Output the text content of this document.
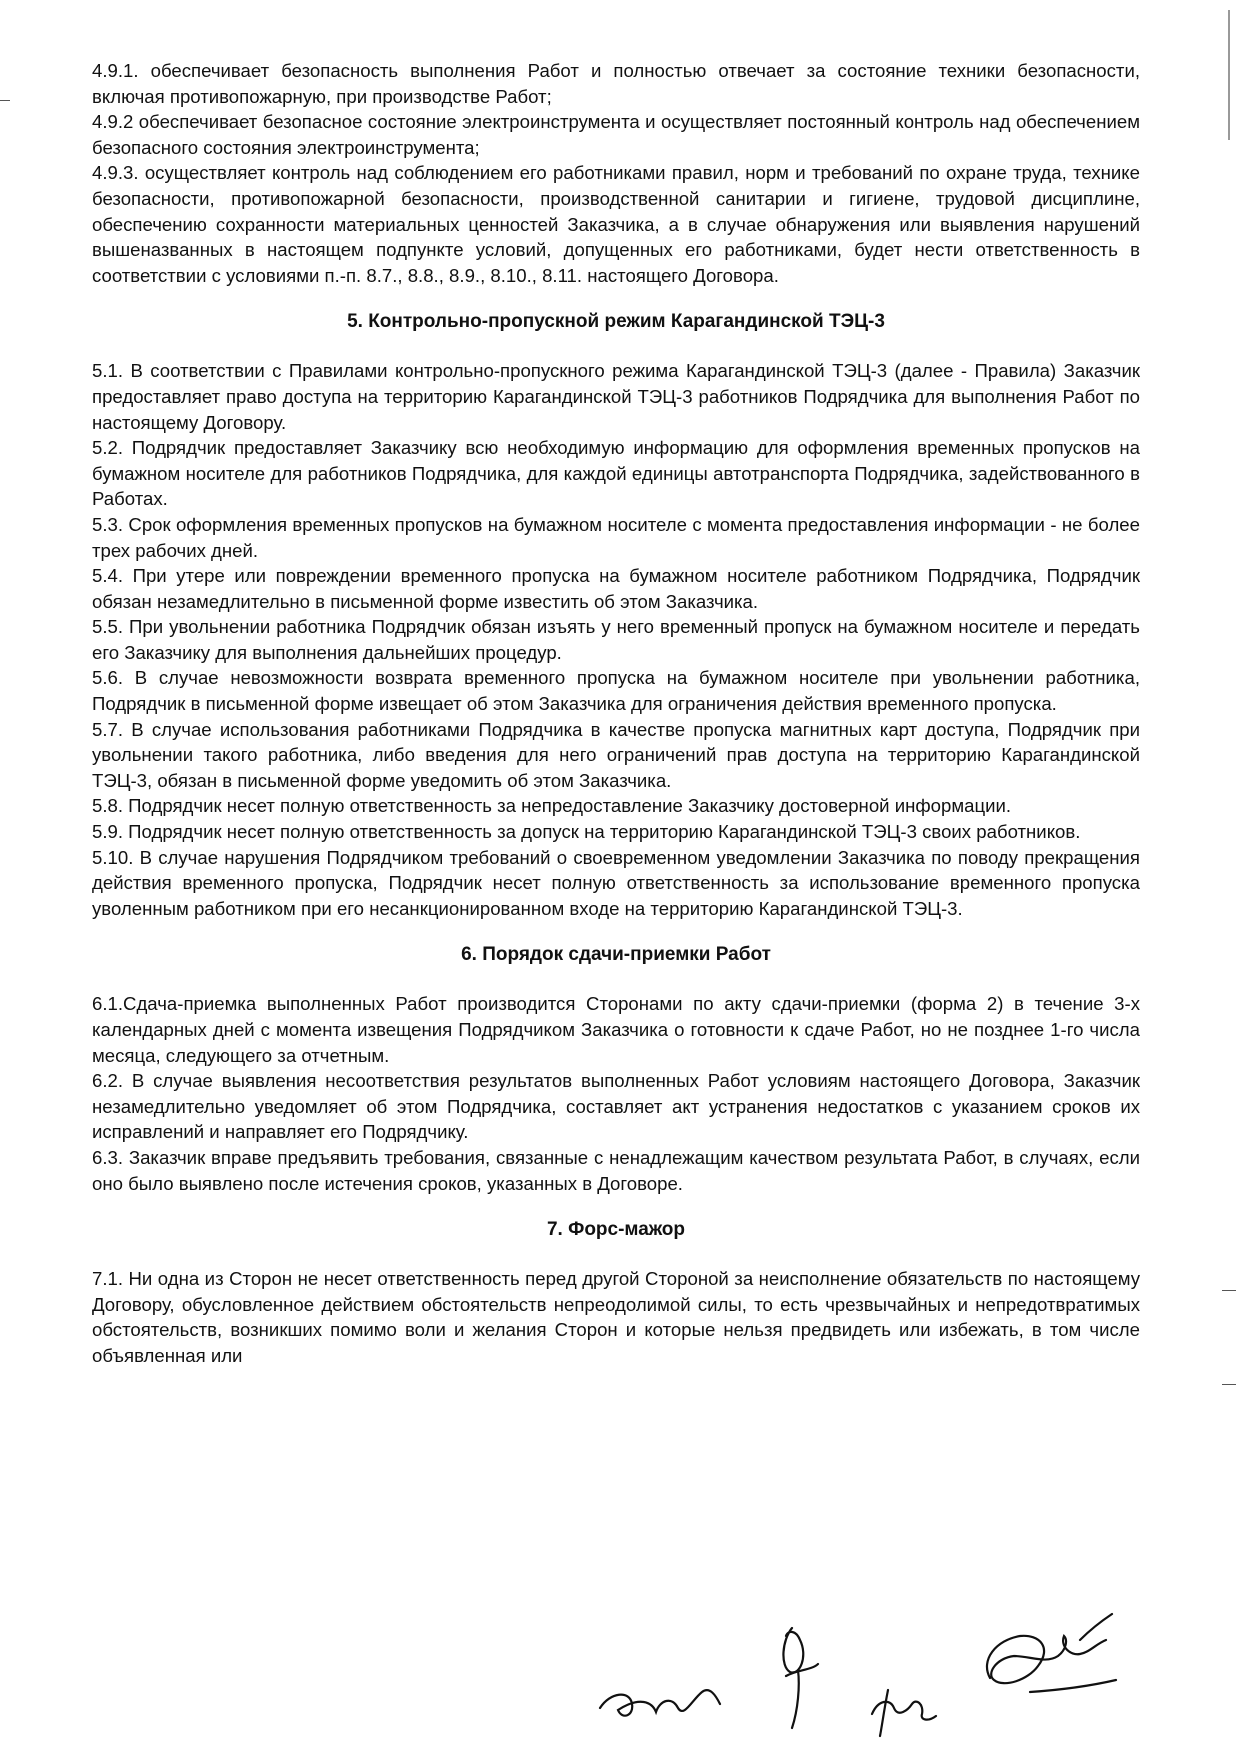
4.9.1. обеспечивает безопасность выполнения Работ и полностью отвечает за состояние техники безопасности, включая противопожарную, при производстве Работ;

4.9.2 обеспечивает безопасное состояние электроинструмента и осуществляет постоянный контроль над обеспечением безопасного состояния электроинструмента;

4.9.3. осуществляет контроль над соблюдением его работниками правил, норм и требований по охране труда, технике безопасности, противопожарной безопасности, производственной санитарии и гигиене, трудовой дисциплине, обеспечению сохранности материальных ценностей Заказчика, а в случае обнаружения или выявления нарушений вышеназванных в настоящем подпункте условий, допущенных его работниками, будет нести ответственность в соответствии с условиями п.-п. 8.7., 8.8., 8.9., 8.10., 8.11. настоящего Договора.

5. Контрольно-пропускной режим Карагандинской ТЭЦ-3

5.1. В соответствии с Правилами контрольно-пропускного режима Карагандинской ТЭЦ-3 (далее - Правила) Заказчик предоставляет право доступа на территорию Карагандинской ТЭЦ-3 работников Подрядчика для выполнения Работ по настоящему Договору.

5.2. Подрядчик предоставляет Заказчику всю необходимую информацию для оформления временных пропусков на бумажном носителе для работников Подрядчика, для каждой единицы автотранспорта Подрядчика, задействованного в Работах.

5.3. Срок оформления временных пропусков на бумажном носителе с момента предоставления информации - не более трех рабочих дней.

5.4. При утере или повреждении временного пропуска на бумажном носителе работником Подрядчика, Подрядчик обязан незамедлительно в письменной форме известить об этом Заказчика.

5.5. При увольнении работника Подрядчик обязан изъять у него временный пропуск на бумажном носителе и передать его Заказчику для выполнения дальнейших процедур.

5.6. В случае невозможности возврата временного пропуска на бумажном носителе при увольнении работника, Подрядчик в письменной форме извещает об этом Заказчика для ограничения действия временного пропуска.

5.7. В случае использования работниками Подрядчика в качестве пропуска магнитных карт доступа, Подрядчик при увольнении такого работника, либо введения для него ограничений прав доступа на территорию Карагандинской ТЭЦ-3, обязан в письменной форме уведомить об этом Заказчика.

5.8. Подрядчик несет полную ответственность за непредоставление Заказчику достоверной информации.

5.9. Подрядчик несет полную ответственность за допуск на территорию Карагандинской ТЭЦ-3 своих работников.

5.10. В случае нарушения Подрядчиком требований о своевременном уведомлении Заказчика по поводу прекращения действия временного пропуска, Подрядчик несет полную ответственность за использование временного пропуска уволенным работником при его несанкционированном входе на территорию Карагандинской ТЭЦ-3.

6. Порядок сдачи-приемки Работ

6.1.Сдача-приемка выполненных Работ производится Сторонами по акту сдачи-приемки (форма 2) в течение 3-х календарных дней с момента извещения Подрядчиком Заказчика о готовности к сдаче Работ, но не позднее 1-го числа месяца, следующего за отчетным.

6.2. В случае выявления несоответствия результатов выполненных Работ условиям настоящего Договора, Заказчик незамедлительно уведомляет об этом Подрядчика, составляет акт устранения недостатков с указанием сроков их исправлений и направляет его Подрядчику.

6.3. Заказчик вправе предъявить требования, связанные с ненадлежащим качеством результата Работ, в случаях, если оно было выявлено после истечения сроков, указанных в Договоре.

7. Форс-мажор

7.1. Ни одна из Сторон не несет ответственность перед другой Стороной за неисполнение обязательств по настоящему Договору, обусловленное действием обстоятельств непреодолимой силы, то есть чрезвычайных и непредотвратимых обстоятельств, возникших помимо воли и желания Сторон и которые нельзя предвидеть или избежать, в том числе объявленная или
